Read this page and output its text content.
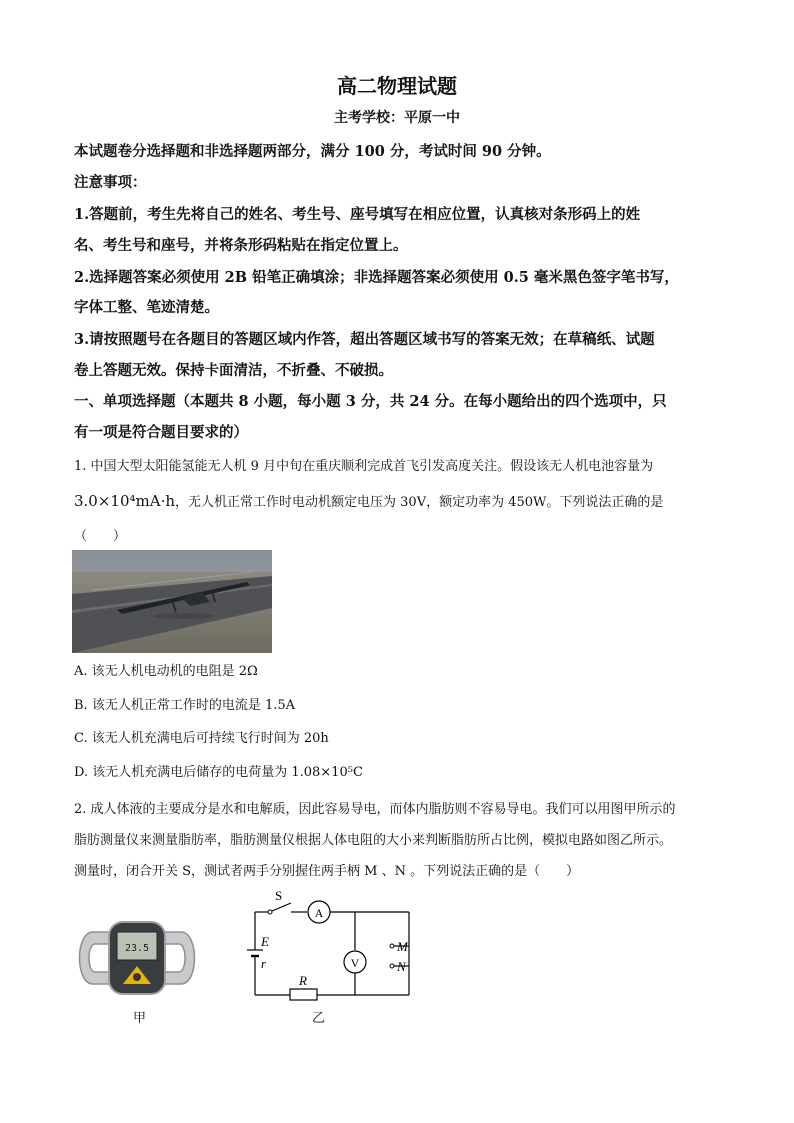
高二物理试题
主考学校：平原一中
本试题卷分选择题和非选择题两部分，满分 100 分，考试时间 90 分钟。
注意事项：
1.答题前，考生先将自己的姓名、考生号、座号填写在相应位置，认真核对条形码上的姓
名、考生号和座号，并将条形码粘贴在指定位置上。
2.选择题答案必须使用 2B 铅笔正确填涂；非选择题答案必须使用 0.5 毫米黑色签字笔书写，
字体工整、笔迹清楚。
3.请按照题号在各题目的答题区域内作答，超出答题区域书写的答案无效；在草稿纸、试题
卷上答题无效。保持卡面清洁，不折叠、不破损。
一、单项选择题（本题共 8 小题，每小题 3 分，共 24 分。在每小题给出的四个选项中，只
有一项是符合题目要求的）
1. 中国大型太阳能氢能无人机 9 月中旬在重庆顺利完成首飞引发高度关注。假设该无人机电池容量为
3.0×10⁴mA·h，无人机正常工作时电动机额定电压为 30V，额定功率为 450W。下列说法正确的是
（　　）
A. 该无人机电动机的电阻是 2Ω
B. 该无人机正常工作时的电流是 1.5A
C. 该无人机充满电后可持续飞行时间为 20h
D. 该无人机充满电后储存的电荷量为 1.08×10⁵C
2. 成人体液的主要成分是水和电解质，因此容易导电，而体内脂肪则不容易导电。我们可以用图甲所示的
脂肪测量仪来测量脂肪率，脂肪测量仪根据人体电阻的大小来判断脂肪所占比例，模拟电路如图乙所示。
测量时，闭合开关 S，测试者两手分别握住两手柄 M 、N 。下列说法正确的是（　　）
23.5
甲
S
A
V
E
r
R
M
N
乙
